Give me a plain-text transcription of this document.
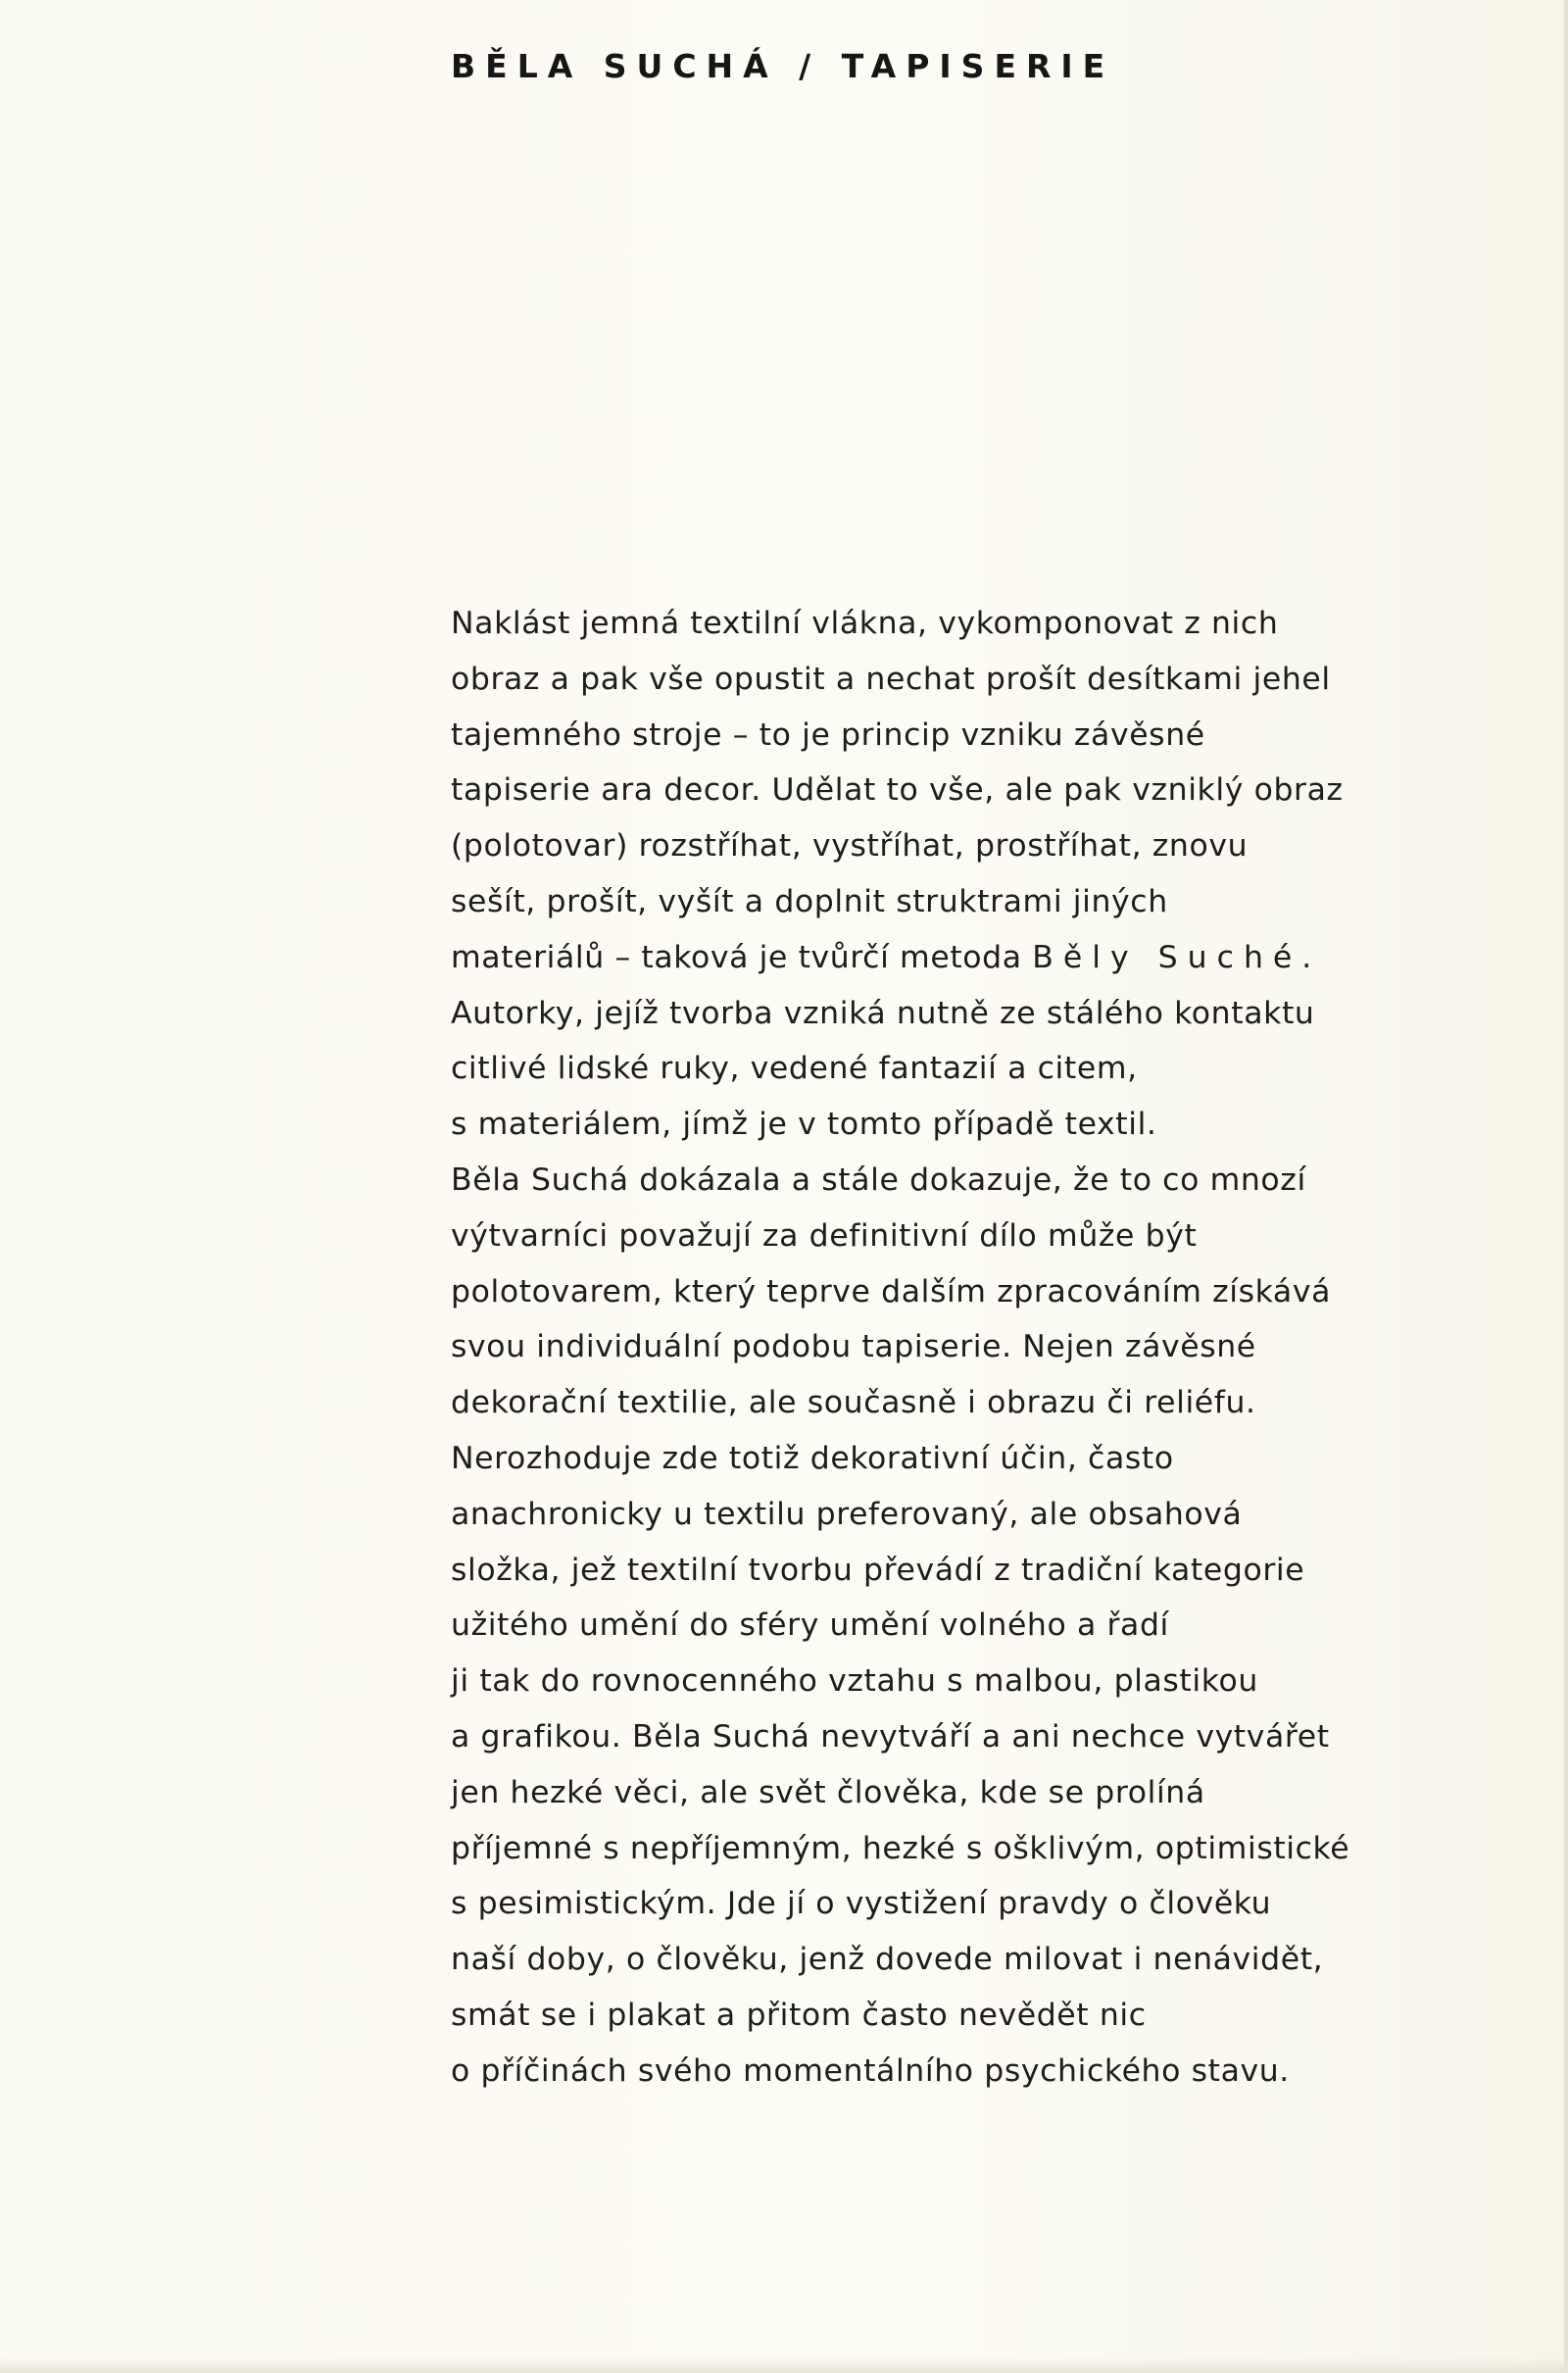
BĚLA SUCHÁ / TAPISERIE
Naklást jemná textilní vlákna, vykomponovat z nich
obraz a pak vše opustit a nechat prošít desítkami jehel
tajemného stroje – to je princip vzniku závěsné
tapiserie ara decor. Udělat to vše, ale pak vzniklý obraz
(polotovar) rozstříhat, vystříhat, prostříhat, znovu
sešít, prošít, vyšít a doplnit struktrami jiných
materiálů – taková je tvůrčí metoda Běly Suché.
Autorky, jejíž tvorba vzniká nutně ze stálého kontaktu
citlivé lidské ruky, vedené fantazií a citem,
s materiálem, jímž je v tomto případě textil.
Běla Suchá dokázala a stále dokazuje, že to co mnozí
výtvarníci považují za definitivní dílo může být
polotovarem, který teprve dalším zpracováním získává
svou individuální podobu tapiserie. Nejen závěsné
dekorační textilie, ale současně i obrazu či reliéfu.
Nerozhoduje zde totiž dekorativní účin, často
anachronicky u textilu preferovaný, ale obsahová
složka, jež textilní tvorbu převádí z tradiční kategorie
užitého umění do sféry umění volného a řadí
ji tak do rovnocenného vztahu s malbou, plastikou
a grafikou. Běla Suchá nevytváří a ani nechce vytvářet
jen hezké věci, ale svět člověka, kde se prolíná
příjemné s nepříjemným, hezké s ošklivým, optimistické
s pesimistickým. Jde jí o vystižení pravdy o člověku
naší doby, o člověku, jenž dovede milovat i nenávidět,
smát se i plakat a přitom často nevědět nic
o příčinách svého momentálního psychického stavu.
